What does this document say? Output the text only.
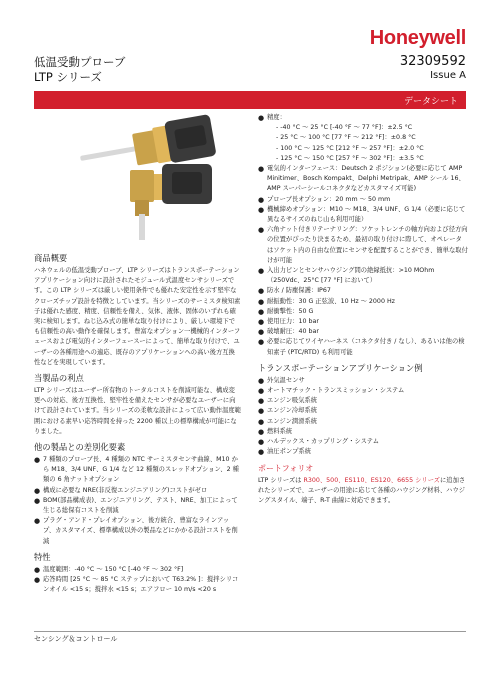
低温受動プローブ
LTP シリーズ
Honeywell
32309592
Issue A
データシート
商品概要

ハネウェルの低温受動プローブ、LTP シリーズはトランスポーテーションアプリケーション向けに設計されたモジュール式温度センサシリーズです。この LTP シリーズは厳しい使用条件でも優れた安定性を示す堅牢なクローズチップ設計を特徴としています。当シリーズのサーミスタ検知素子は優れた感度、精度、信頼性を備え、気体、液体、固体のいずれも確実に検知します。ねじ込み式の簡単な取り付けにより、厳しい環境下でも信頼性の高い動作を確保します。豊富なオプション一機械的インターフェースおよび電気的インターフェースーによって、簡単な取り付けで、ユーザーの各種用途への適応、既存のアプリケーションへの高い後方互換性などを実現しています。

当製品の利点

LTP シリーズはユーザー所有物のトータルコストを削減可能な、構成変更への対応、後方互換性、堅牢性を備えたセンサが必要なユーザーに向けて設計されています。当シリーズの柔軟な設計によって広い動作温度範囲における素早い応答時間を持った 2200 種以上の標準構成が可能になりました。

他の製品との差別化要素
● 7 種類のプローブ長、4 種類の NTC サーミスタセンサ曲線、M10 から M18、3/4 UNF、G 1/4 など 12 種類のスレッドオプション、2 種類の 6 角ナットオプション
● 構成に必要な NRE(非反復エンジニアリング)コストがゼロ
● BOM(部品構成表)、エンジニアリング、テスト、NRE、加工によって生じる総保有コストを削減
● プラグ・アンド・プレイオプション、後方統合、豊富なラインアップ、カスタマイズ、標準構成以外の製品などにかかる設計コストを削減
特性
● 温度範囲：-40 °C ～ 150 °C [-40 °F ～ 302 °F]
● 応答時間 [25 °C ～ 85 °C ステップにおいて T63.2% ]：撹拌シリコンオイル <15 s；撹拌水 <15 s；エアフロー 10 m/s <20 s
● 精度：
- -40 °C ～ 25 °C [-40 °F ～ 77 °F]：±2.5 °C
- 25 °C ～ 100 °C [77 °F ～ 212 °F]：±0.8 °C
- 100 °C ～ 125 °C [212 °F ～ 257 °F]：±2.0 °C
- 125 °C ～ 150 °C [257 °F ～ 302 °F]：±3.5 °C
● 電気的インターフェース：Deutsch 2 ポジション(必要に応じて AMP Minitimer、Bosch Kompakt、Delphi Metripak、AMP シール 16、AMP スーパーシールコネクタなどカスタマイズ可能)
● プローブ長オプション：20 mm ～ 50 mm
● 機械締めオプション：M10 ～ M18、3/4 UNF、G 1/4（必要に応じて異なるサイズのねじ山も利用可能）
● 六角ナット付きリテーナリング：ソケットレンチの軸方向および径方向の位置がぴったり決まるため、最初の取り付けに際して、オペレータはソケット内の自由な位置にセンサを配置することができ、簡単な取付けが可能
● 入出力ピンとセンサハウジング間の絶縁抵抗：>10 MOhm（250Vdc、25°C [77 °F] において）
● 防水 / 防塵保護：IP67
● 耐振動性：30 G 正弦波、10 Hz ～ 2000 Hz
● 耐衝撃性：50 G
● 使用圧力：10 bar
● 破壊耐圧：40 bar
● 必要に応じてワイヤハーネス（コネクタ付き / なし）、あるいは他の検知素子 (PTC/RTD) も利用可能
トランスポーテーションアプリケーション例
● 外気温センサ
● オートマチック・トランスミッション・システム
● エンジン吸気系統
● エンジン冷却系統
● エンジン潤滑系統
● 燃料系統
● ハルデックス・カップリング・システム
● 油圧ポンプ系統
ポートフォリオ

LTP シリーズは R300、500、ES110、ES120、6655 シリーズに追加されたシリーズで、ユーザーの用途に応じて各種のハウジング材料、ハウジングスタイル、端子、R-T 曲線に対応できます。

センシング＆コントロール
